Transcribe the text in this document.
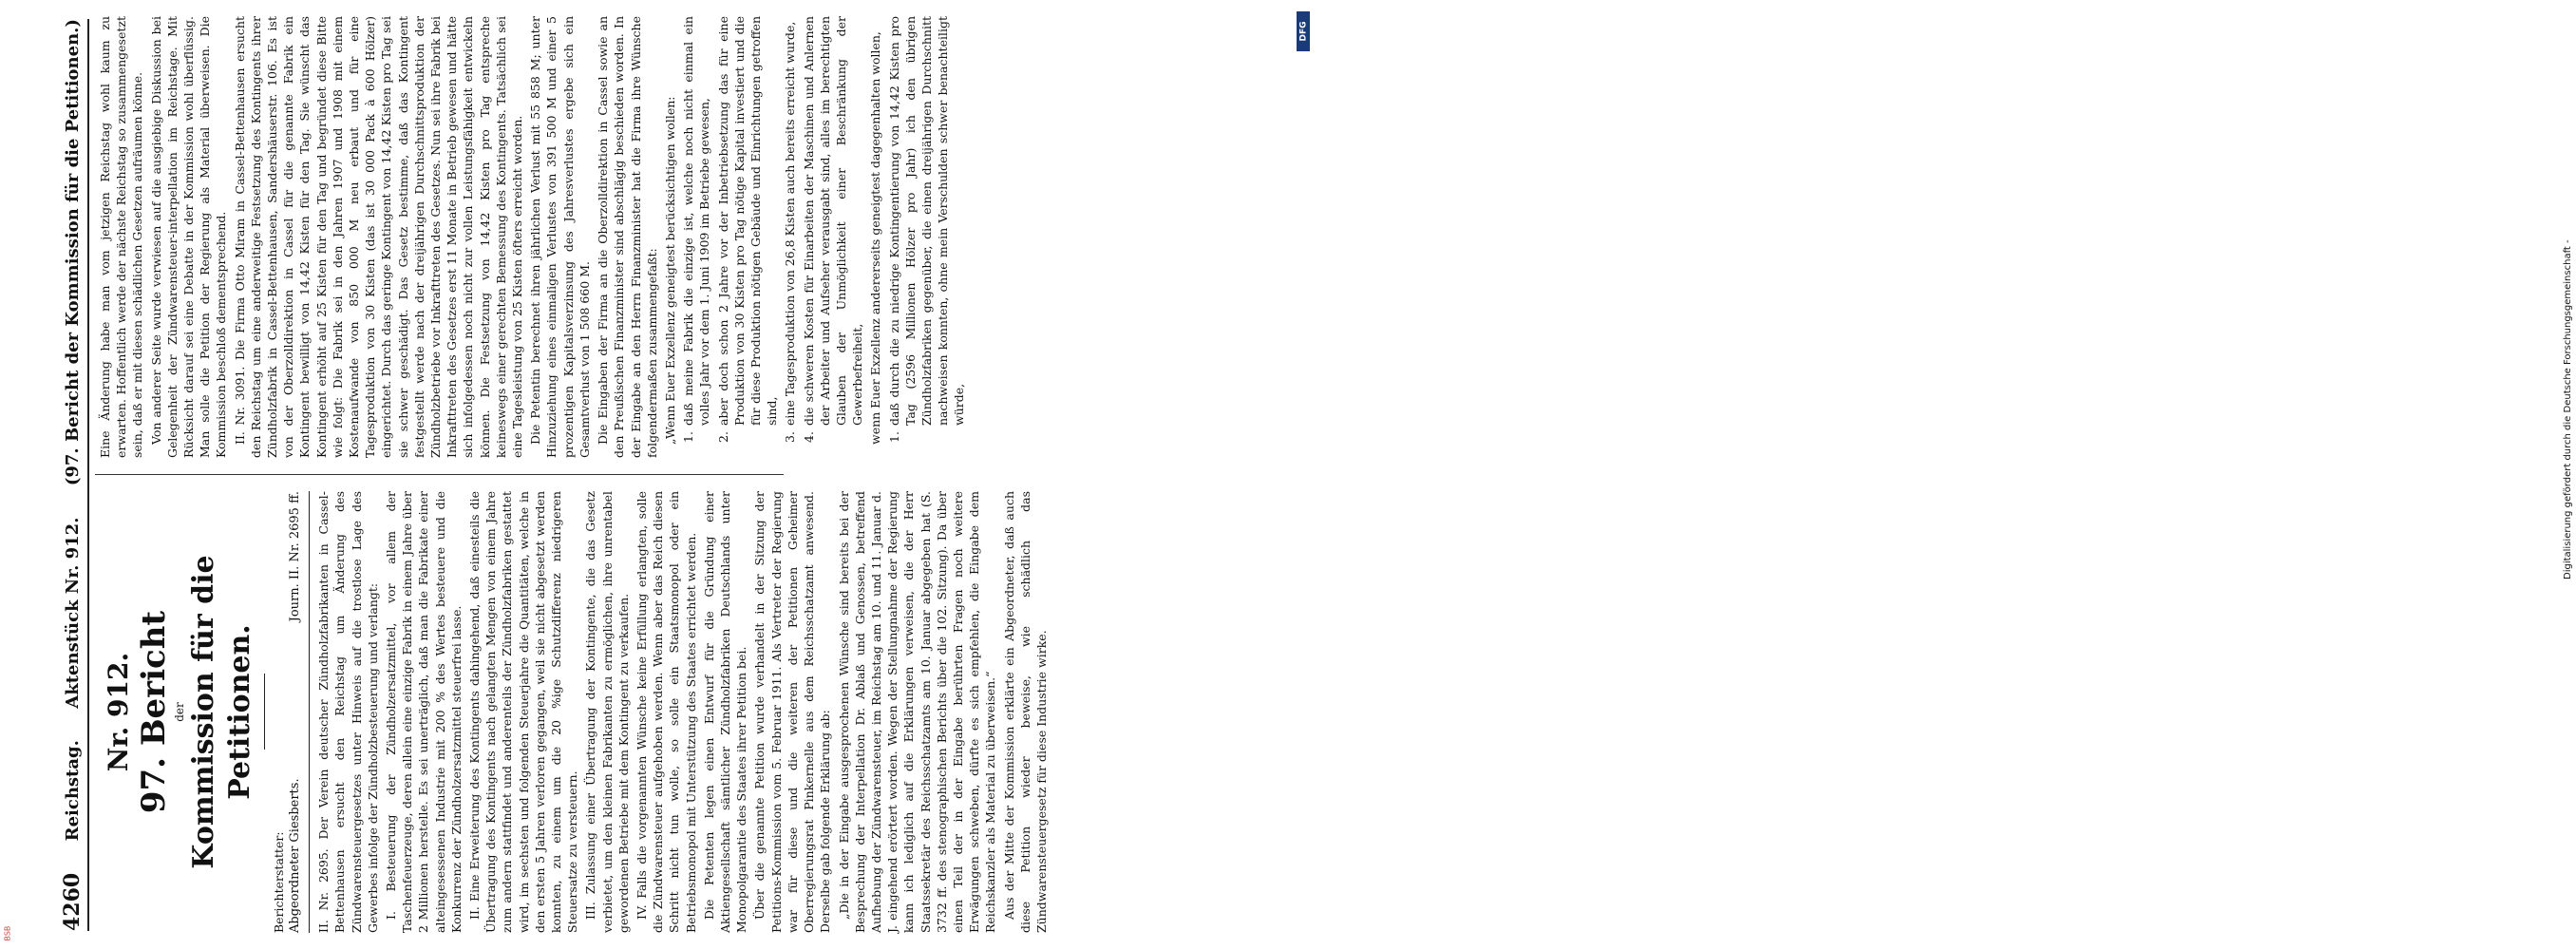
4260
Reichstag.
Aktenstück Nr. 912.
(97. Bericht der Kommission für die Petitionen.)
Nr. 912. 97. Bericht der Kommission für die Petitionen.
Berichterstatter: Abgeordneter Giesberts.
Journ. II. Nr. 2695 ff. II. Nr. 2695. Der Verein deutscher Zündholzfabrikanten in Cassel-Bettenhausen ersucht den Reichstag um Änderung des Zündwarensteuergesetzes unter Hinweis auf die trostlose Lage des Gewerbes infolge der Zündholzbesteuerung und verlangt: I. Besteuerung der Zündholzersatzmittel, vor allem der Taschenfeuerzeuge, deren allein eine einzige Fabrik in einem Jahre über 2 Millionen herstelle. Es sei unerträglich, daß man die Fabrikate einer alteingesessenen Industrie mit 200 % des Wertes besteuere und die Konkurrenz der Zündholzersatzmittel steuerfrei lasse. II. Eine Erweiterung des Kontingents dahingehend, daß einesteils die Übertragung des Kontingents nach gelangten Mengen von einem Jahre zum andern stattfindet und anderenteils der Zündholzfabriken gestattet wird, im sechsten und folgenden Steuerjahre die Quantitäten, welche in den ersten 5 Jahren verloren gegangen, weil sie nicht abgesetzt werden konnten, zu einem um die 20 %ige Schutzdifferenz niedrigeren Steuersatze zu versteuern. III. Zulassung einer Übertragung der Kontingente, die das Gesetz verbietet, um den kleinen Fabrikanten zu ermöglichen, ihre unrentabel gewordenen Betriebe mit dem Kontingent zu verkaufen. IV. Falls die vorgenannten Wünsche keine Erfüllung erlangten, solle die Zündwarensteuer aufgehoben werden. Wenn aber das Reich diesen Schritt nicht tun wolle, so solle ein Staatsmonopol oder ein Betriebsmonopol mit Unterstützung des Staates errichtet werden. Die Petenten legen einen Entwurf für die Gründung einer Aktiengesellschaft sämtlicher Zündholzfabriken Deutschlands unter Monopolgarantie des Staates ihrer Petition bei. Über die genannte Petition wurde verhandelt in der Sitzung der Petitions-Kommission vom 5. Februar 1911. Als Vertreter der Regierung war für diese und die weiteren der Petitionen Geheimer Oberregierungsrat Pinkernelle aus dem Reichsschatzamt anwesend. Derselbe gab folgende Erklärung ab: „Die in der Eingabe ausgesprochenen Wünsche sind bereits bei der Besprechung der Interpellation Dr. Ablaß und Genossen, betreffend Aufhebung der Zündwarensteuer, im Reichstag am 10. und 11. Januar d. J. eingehend erörtert worden. Wegen der Stellungnahme der Regierung kann ich lediglich auf die Erklärungen verweisen, die der Herr Staatssekretär des Reichsschatzamts am 10. Januar abgegeben hat (S. 3732 ff. des stenographischen Berichts über die 102. Sitzung). Da über einen Teil der in der Eingabe berührten Fragen noch weitere Erwägungen schweben, dürfte es sich empfehlen, die Eingabe dem Reichskanzler als Material zu überweisen.“ Aus der Mitte der Kommission erklärte ein Abgeordneter, daß auch diese Petition wieder beweise, wie schädlich das Zündwarensteuergesetz für diese Industrie wirke.

Eine Änderung habe man vom jetzigen Reichstag wohl kaum zu erwarten. Hoffentlich werde der nächste Reichstag so zusammengesetzt sein, daß er mit diesen schädlichen Gesetzen aufräumen könne. Von anderer Seite wurde verwiesen auf die ausgiebige Diskussion bei Gelegenheit der Zündwarensteuer-interpellation im Reichstage. Mit Rücksicht darauf sei eine Debatte in der Kommission wohl überflüssig. Man solle die Petition der Regierung als Material überweisen. Die Kommission beschloß dementsprechend. II. Nr. 3091. Die Firma Otto Miram in Cassel-Bettenhausen ersucht den Reichstag um eine anderweitige Festsetzung des Kontingents ihrer Zündholzfabrik in Cassel-Bettenhausen, Sandershäuserstr. 106. Es ist von der Oberzolldirektion in Cassel für die genannte Fabrik ein Kontingent bewilligt von 14,42 Kisten für den Tag. Sie wünscht das Kontingent erhöht auf 25 Kisten für den Tag und begründet diese Bitte wie folgt: Die Fabrik sei in den Jahren 1907 und 1908 mit einem Kostenaufwande von 850 000 M neu erbaut und für eine Tagesproduktion von 30 Kisten (das ist 30 000 Pack à 600 Hölzer) eingerichtet. Durch das geringe Kontingent von 14,42 Kisten pro Tag sei sie schwer geschädigt. Das Gesetz bestimme, daß das Kontingent festgestellt werde nach der dreijährigen Durchschnittsproduktion der Zündholzbetriebe vor Inkrafttreten des Gesetzes. Nun sei ihre Fabrik bei Inkrafttreten des Gesetzes erst 11 Monate in Betrieb gewesen und hätte sich infolgedessen noch nicht zur vollen Leistungsfähigkeit entwickeln können. Die Festsetzung von 14,42 Kisten pro Tag entspreche keineswegs einer gerechten Bemessung des Kontingents. Tatsächlich sei eine Tagesleistung von 25 Kisten öfters erreicht worden. Die Petentin berechnet ihren jährlichen Verlust mit 55 858 M; unter Hinzuziehung eines einmaligen Verlustes von 391 500 M und einer 5 prozentigen Kapitalsverzinsung des Jahresverlustes ergebe sich ein Gesamtverlust von 1 508 660 M. Die Eingaben der Firma an die Oberzolldirektion in Cassel sowie an den Preußischen Finanzminister sind abschlägig beschieden worden. In der Eingabe an den Herrn Finanzminister hat die Firma ihre Wünsche folgendermaßen zusammengefaßt: „Wenn Euer Exzellenz geneigtest berücksichtigen wollen: 1.
daß meine Fabrik die einzige ist, welche noch nicht einmal ein volles Jahr vor dem 1. Juni 1909 im Betriebe gewesen,
2.
aber doch schon 2 Jahre vor der Inbetriebsetzung das für eine Produktion von 30 Kisten pro Tag nötige Kapital investiert und die für diese Produktion nötigen Gebäude und Einrichtungen getroffen sind,
3.
eine Tagesproduktion von 26,8 Kisten auch bereits erreicht wurde,
4.
die schweren Kosten für Einarbeiten der Maschinen und Anlernen der Arbeiter und Aufseher verausgabt sind, alles im berechtigten Glauben der Unmöglichkeit einer Beschränkung der Gewerbefreiheit, wenn Euer Exzellenz andererseits geneigtest dagegenhalten wollen, 1.
daß durch die zu niedrige Kontingentierung von 14,42 Kisten pro Tag (2596 Millionen Hölzer pro Jahr) ich den übrigen Zündholzfabriken gegenüber, die einen dreijährigen Durchschnitt nachweisen konnten, ohne mein Verschulden schwer benachteiligt würde,
DFG
Digitalisierung gefördert durch die Deutsche Forschungsgemeinschaft -
BSB
